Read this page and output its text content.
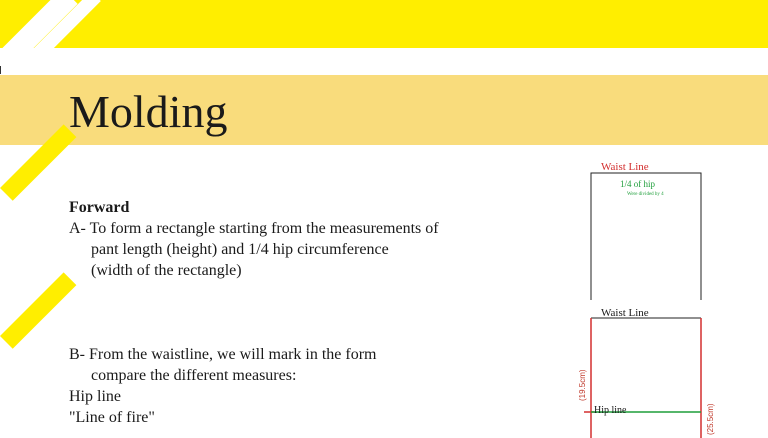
Molding
Forward
A- To form a rectangle starting from the measurements of
pant length (height) and 1/4 hip circumference
(width of the rectangle)
B- From the waistline, we will mark in the form
compare the different measures:
Hip line
"Line of fire"
Waist Line
1/4 of hip
Were divided by 4
Waist Line
Hip line
(19.5cm)
(25.5cm)
